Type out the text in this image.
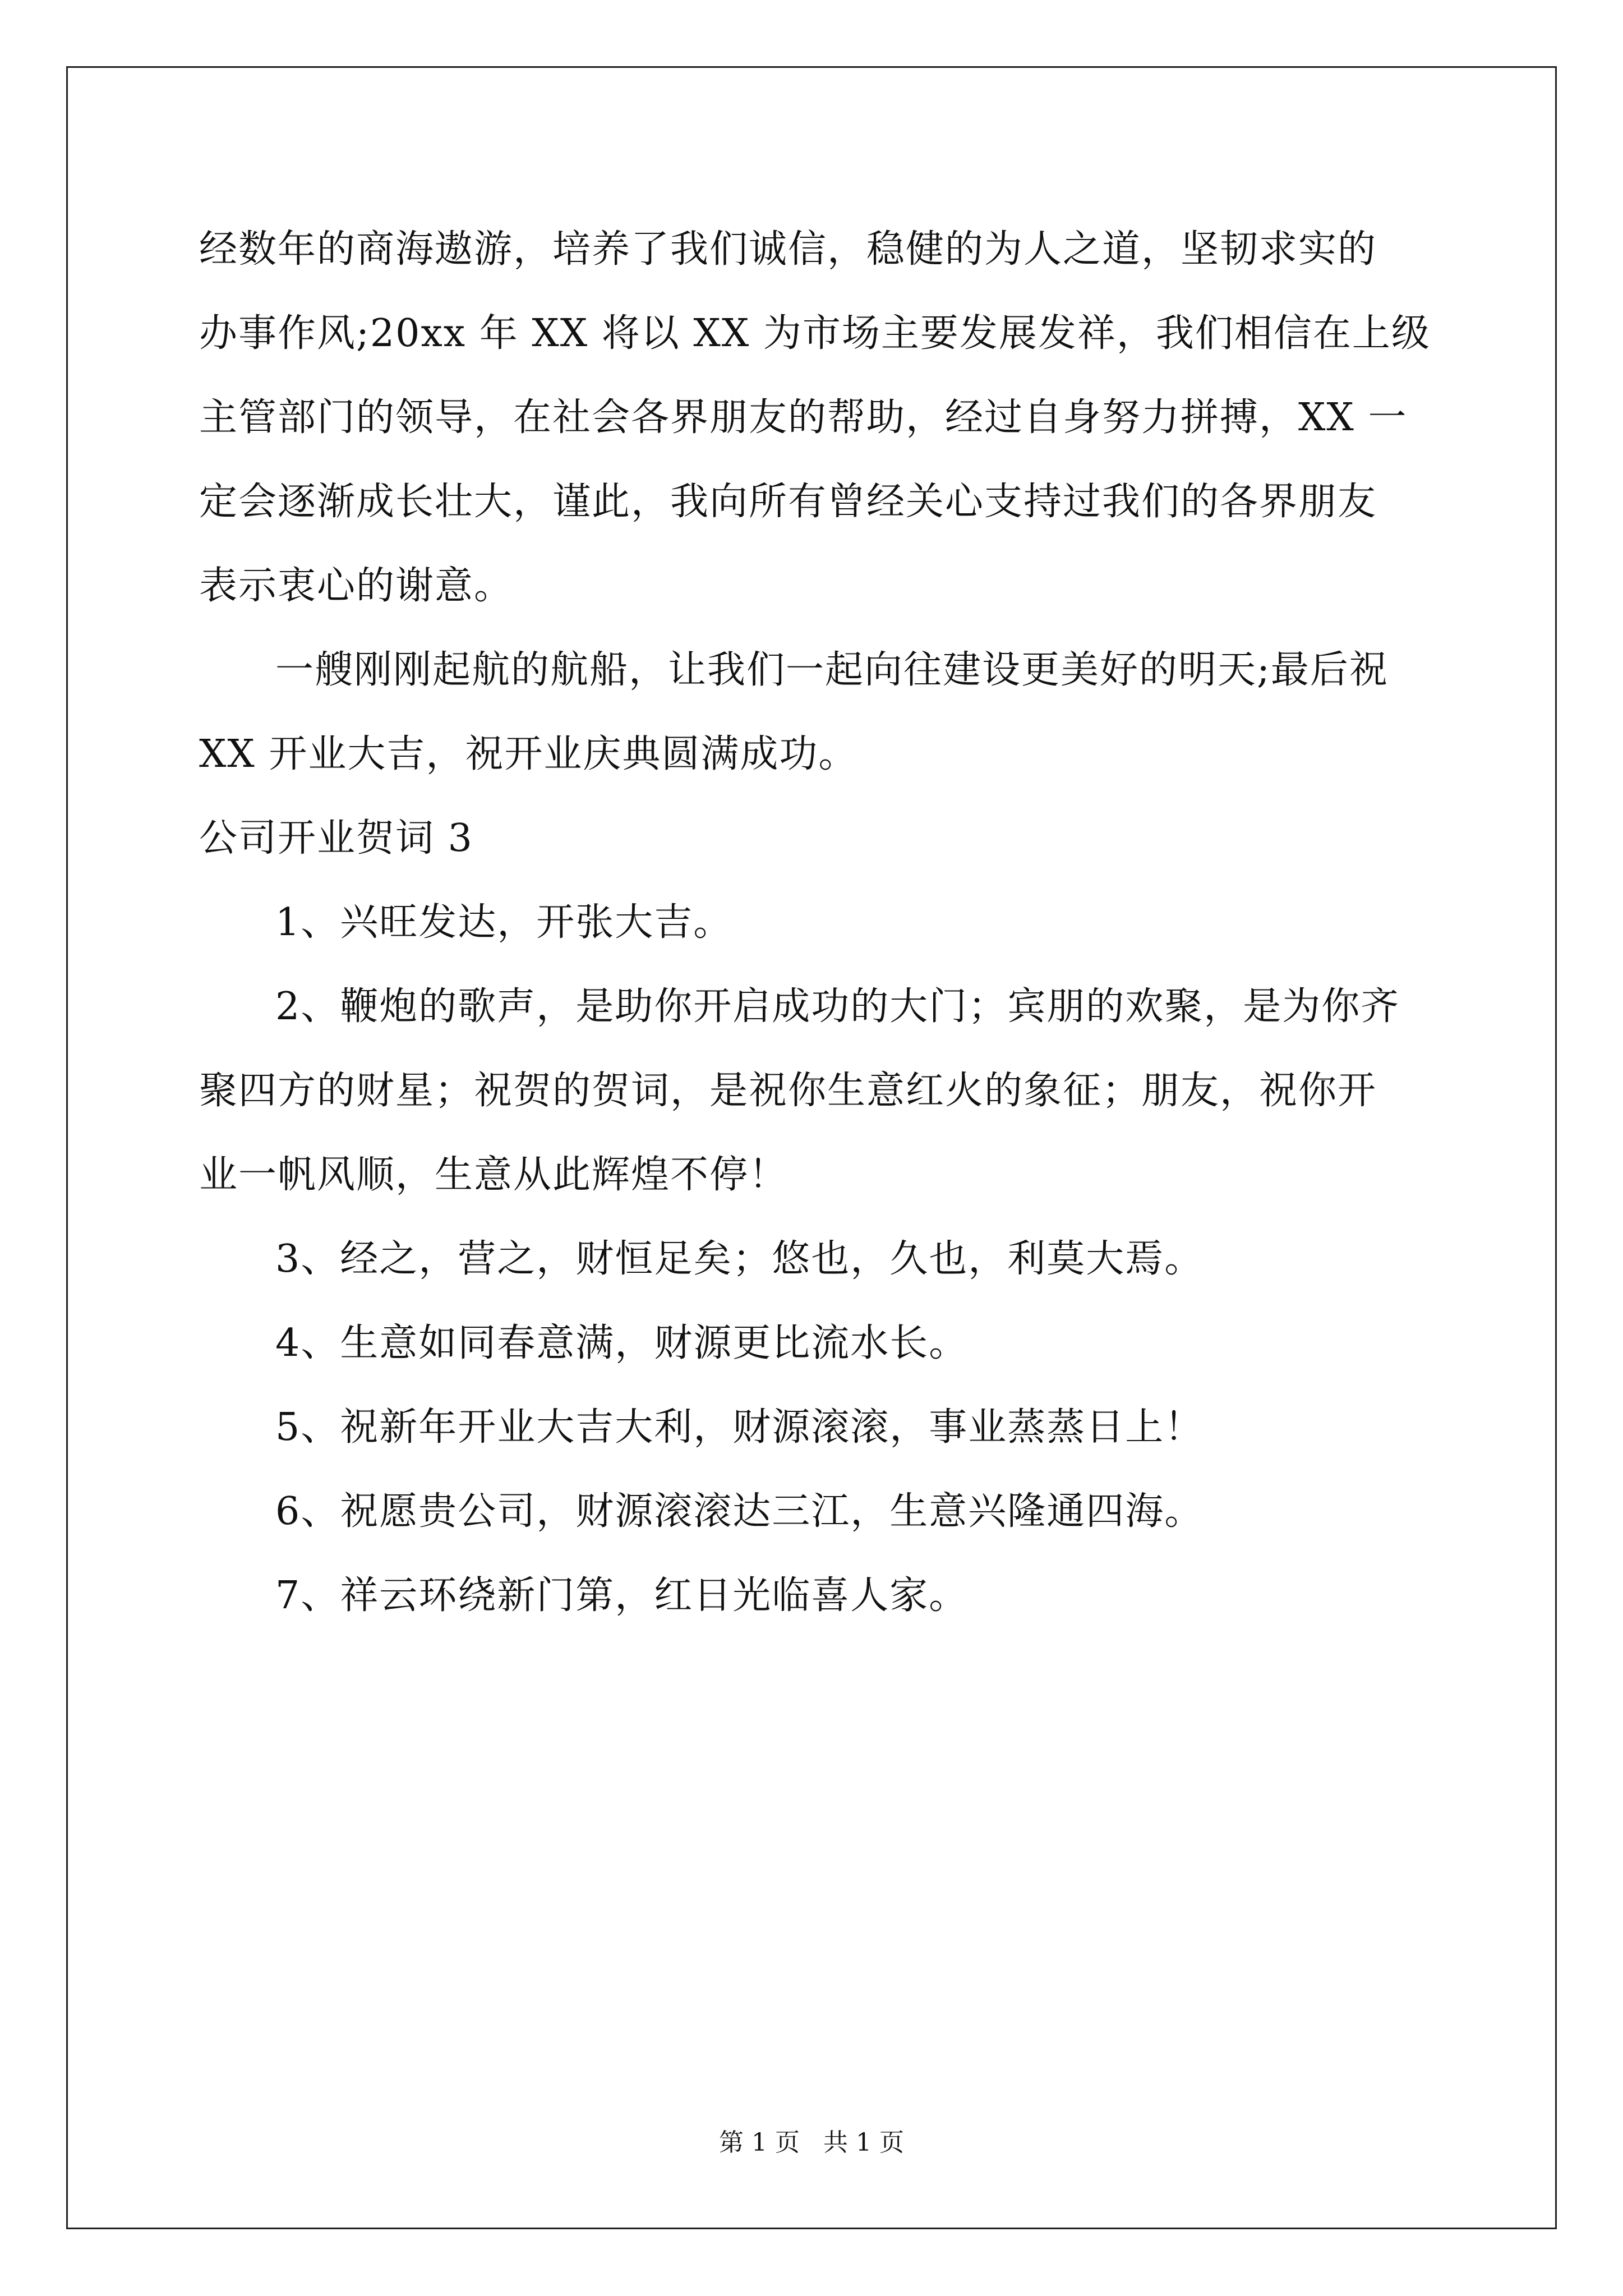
经数年的商海遨游，培养了我们诚信，稳健的为人之道，坚韧求实的
办事作风;20xx 年 XX 将以 XX 为市场主要发展发祥，我们相信在上级
主管部门的领导，在社会各界朋友的帮助，经过自身努力拼搏，XX 一
定会逐渐成长壮大，谨此，我向所有曾经关心支持过我们的各界朋友
表示衷心的谢意。
一艘刚刚起航的航船，让我们一起向往建设更美好的明天;最后祝
XX 开业大吉，祝开业庆典圆满成功。
公司开业贺词 3
1、兴旺发达，开张大吉。
2、鞭炮的歌声，是助你开启成功的大门；宾朋的欢聚，是为你齐
聚四方的财星；祝贺的贺词，是祝你生意红火的象征；朋友，祝你开
业一帆风顺，生意从此辉煌不停！
3、经之，营之，财恒足矣；悠也，久也，利莫大焉。
4、生意如同春意满，财源更比流水长。
5、祝新年开业大吉大利，财源滚滚，事业蒸蒸日上！
6、祝愿贵公司，财源滚滚达三江，生意兴隆通四海。
7、祥云环绕新门第，红日光临喜人家。
第 1 页   共 1 页
